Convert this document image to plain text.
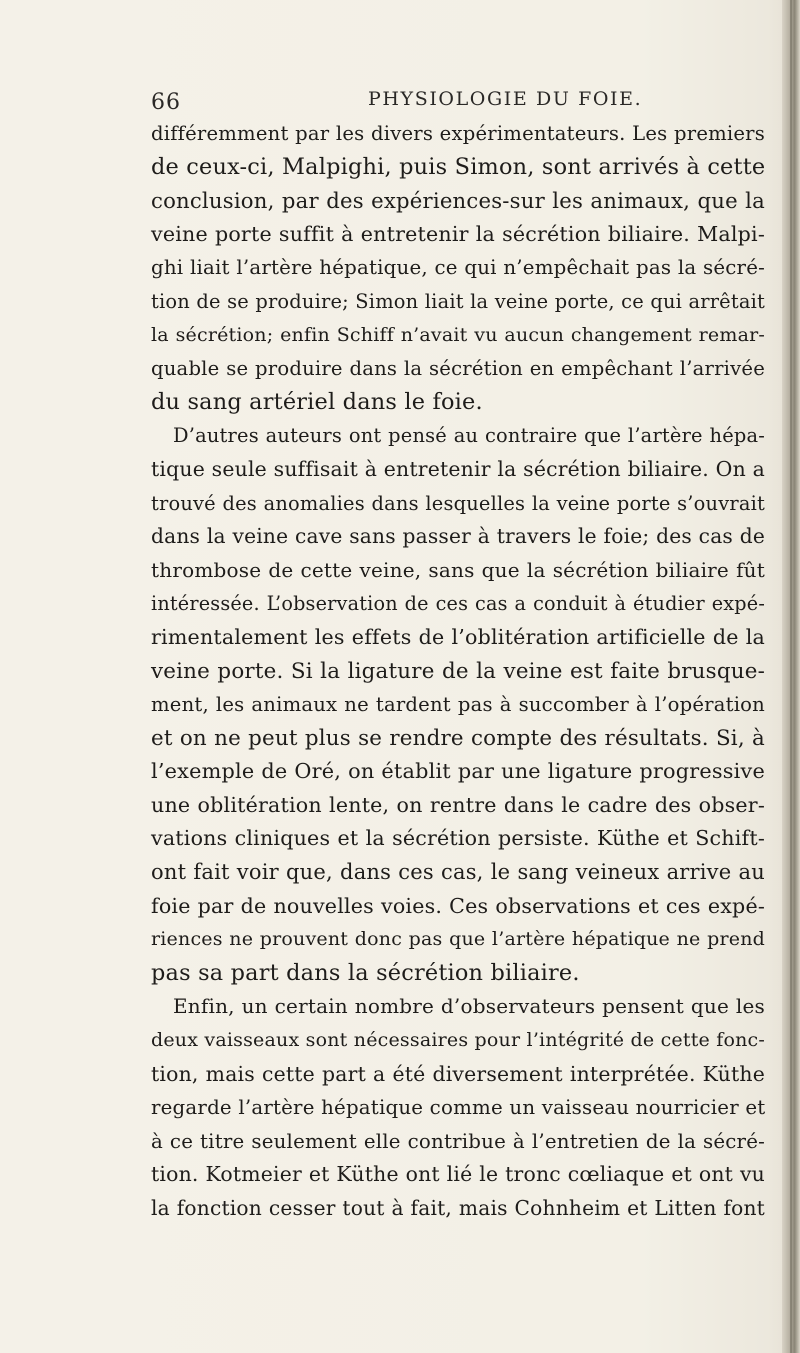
66	PHYSIOLOGIE DU FOIE.
différemment par les divers expérimentateurs. Les premiers
de ceux-ci, Malpighi, puis Simon, sont arrivés à cette
conclusion, par des expériences-sur les animaux, que la
veine porte suffit à entretenir la sécrétion biliaire. Malpi-
ghi liait l’artère hépatique, ce qui n’empêchait pas la sécré-
tion de se produire; Simon liait la veine porte, ce qui arrêtait
la sécrétion; enfin Schiff n’avait vu aucun changement remar-
quable se produire dans la sécrétion en empêchant l’arrivée
du sang artériel dans le foie.
D’autres auteurs ont pensé au contraire que l’artère hépa-
tique seule suffisait à entretenir la sécrétion biliaire. On a
trouvé des anomalies dans lesquelles la veine porte s’ouvrait
dans la veine cave sans passer à travers le foie; des cas de
thrombose de cette veine, sans que la sécrétion biliaire fût
intéressée. L’observation de ces cas a conduit à étudier expé-
rimentalement les effets de l’oblitération artificielle de la
veine porte. Si la ligature de la veine est faite brusque-
ment, les animaux ne tardent pas à succomber à l’opération
et on ne peut plus se rendre compte des résultats. Si, à
l’exemple de Oré, on établit par une ligature progressive
une oblitération lente, on rentre dans le cadre des obser-
vations cliniques et la sécrétion persiste. Küthe et Schift-
ont fait voir que, dans ces cas, le sang veineux arrive au
foie par de nouvelles voies. Ces observations et ces expé-
riences ne prouvent donc pas que l’artère hépatique ne prend
pas sa part dans la sécrétion biliaire.
Enfin, un certain nombre d’observateurs pensent que les
deux vaisseaux sont nécessaires pour l’intégrité de cette fonc-
tion, mais cette part a été diversement interprétée. Küthe
regarde l’artère hépatique comme un vaisseau nourricier et
à ce titre seulement elle contribue à l’entretien de la sécré-
tion. Kotmeier et Küthe ont lié le tronc cœliaque et ont vu
la fonction cesser tout à fait, mais Cohnheim et Litten font
